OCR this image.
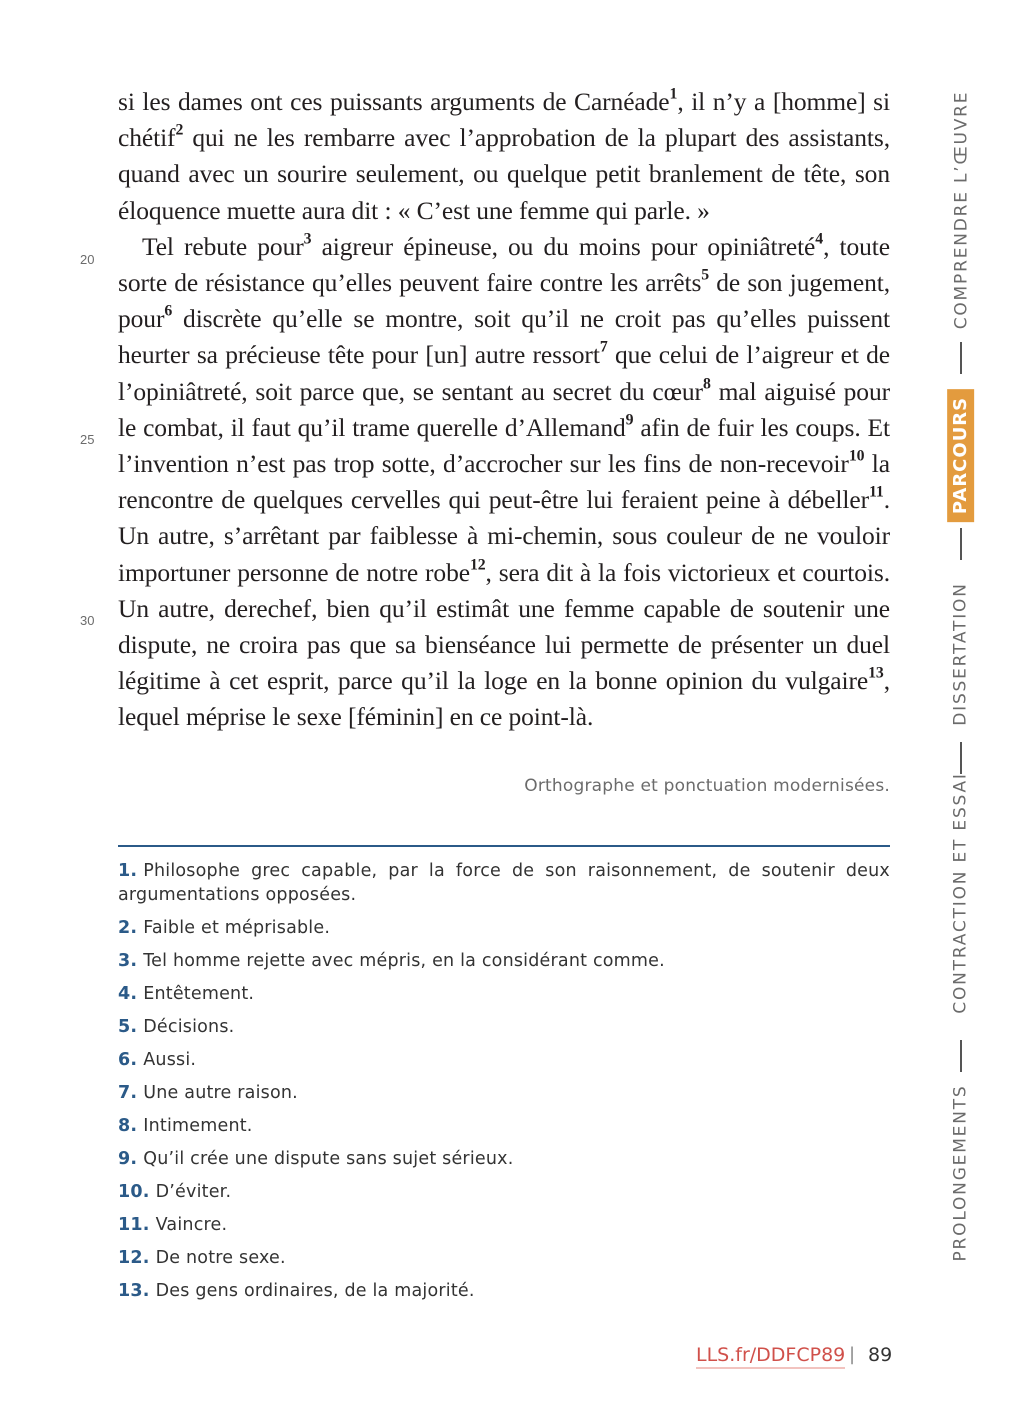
si les dames ont ces puissants arguments de Carnéade$^1$, il n’y a [homme] si chétif$^2$ qui ne les rembarre avec l’approbation de la plupart des assistants, quand avec un sourire seulement, ou quelque petit branlement de tête, son éloquence muette aura dit : « C’est une femme qui parle. »

Tel rebute pour$^3$ aigreur épineuse, ou du moins pour opiniâtreté$^4$, toute sorte de résistance qu’elles peuvent faire contre les arrêts$^5$ de son jugement, pour$^6$ discrète qu’elle se montre, soit qu’il ne croit pas qu’elles puissent heurter sa précieuse tête pour [un] autre ressort$^7$ que celui de l’aigreur et de l’opiniâtreté, soit parce que, se sentant au secret du cœur$^8$ mal aiguisé pour le combat, il faut qu’il trame querelle d’Allemand$^9$ afin de fuir les coups. Et l’invention n’est pas trop sotte, d’accrocher sur les fins de non-recevoir$^{10}$ la rencontre de quelques cervelles qui peut-être lui feraient peine à débeller$^{11}$. Un autre, s’arrêtant par faiblesse à mi-chemin, sous couleur de ne vouloir importuner personne de notre robe$^{12}$, sera dit à la fois victorieux et courtois. Un autre, derechef, bien qu’il estimât une femme capable de soutenir une dispute, ne croira pas que sa bienséance lui permette de présenter un duel légitime à cet esprit, parce qu’il la loge en la bonne opinion du vulgaire$^{13}$, lequel méprise le sexe [féminin] en ce point-là.

20
25
30
Orthographe et ponctuation modernisées.
1. Philosophe grec capable, par la force de son raisonnement, de soutenir deux argumentations opposées.
2. Faible et méprisable.
3. Tel homme rejette avec mépris, en la considérant comme.
4. Entêtement.
5. Décisions.
6. Aussi.
7. Une autre raison.
8. Intimement.
9. Qu’il crée une dispute sans sujet sérieux.
10. D’éviter.
11. Vaincre.
12. De notre sexe.
13. Des gens ordinaires, de la majorité.
LLS.fr/DDFCP89 | 89
COMPRENDRE L’ŒUVRE
PARCOURS
DISSERTATION
CONTRACTION ET ESSAI
PROLONGEMENTS
